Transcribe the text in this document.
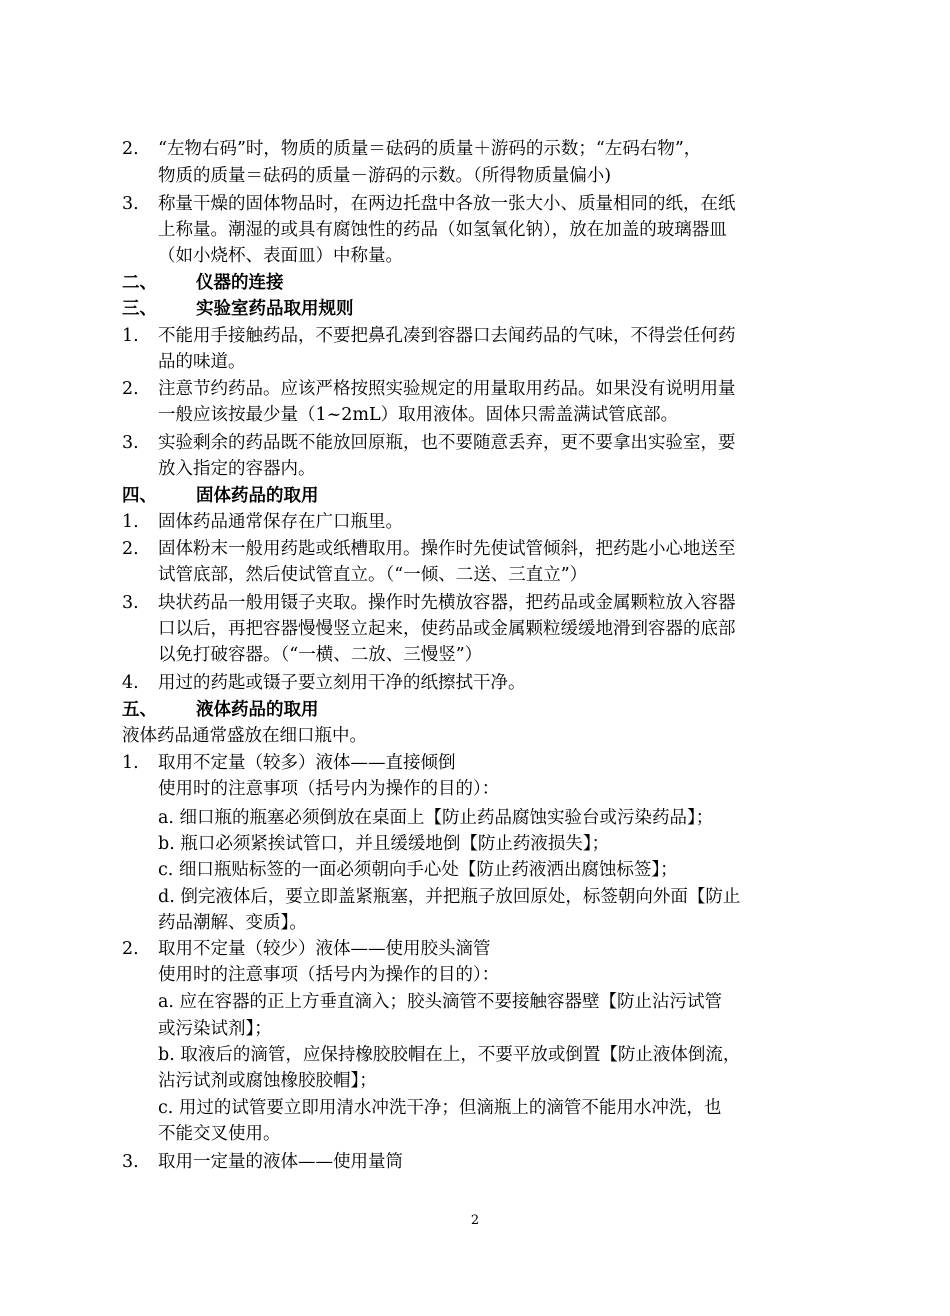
2.	“左物右码”时，物质的质量＝砝码的质量＋游码的示数；“左码右物”，
物质的质量＝砝码的质量－游码的示数。（所得物质量偏小)
3.	称量干燥的固体物品时，在两边托盘中各放一张大小、质量相同的纸，在纸
上称量。潮湿的或具有腐蚀性的药品（如氢氧化钠），放在加盖的玻璃器皿
（如小烧杯、表面皿）中称量。
二、 仪器的连接
三、 实验室药品取用规则
1.	不能用手接触药品，不要把鼻孔凑到容器口去闻药品的气味，不得尝任何药
品的味道。
2.	注意节约药品。应该严格按照实验规定的用量取用药品。如果没有说明用量
一般应该按最少量（1~2mL）取用液体。固体只需盖满试管底部。
3.	实验剩余的药品既不能放回原瓶，也不要随意丢弃，更不要拿出实验室，要
放入指定的容器内。
四、 固体药品的取用
1.	固体药品通常保存在广口瓶里。
2.	固体粉末一般用药匙或纸槽取用。操作时先使试管倾斜，把药匙小心地送至
试管底部，然后使试管直立。（“一倾、二送、三直立”）
3.	块状药品一般用镊子夹取。操作时先横放容器，把药品或金属颗粒放入容器
口以后，再把容器慢慢竖立起来，使药品或金属颗粒缓缓地滑到容器的底部
以免打破容器。（“一横、二放、三慢竖”）
4.	用过的药匙或镊子要立刻用干净的纸擦拭干净。
五、 液体药品的取用
液体药品通常盛放在细口瓶中。
1.	取用不定量（较多）液体——直接倾倒
使用时的注意事项（括号内为操作的目的）：
a. 细口瓶的瓶塞必须倒放在桌面上【防止药品腐蚀实验台或污染药品】；
b. 瓶口必须紧挨试管口，并且缓缓地倒【防止药液损失】；
c. 细口瓶贴标签的一面必须朝向手心处【防止药液洒出腐蚀标签】；
d. 倒完液体后，要立即盖紧瓶塞，并把瓶子放回原处，标签朝向外面【防止
药品潮解、变质】。
2.	取用不定量（较少）液体——使用胶头滴管
使用时的注意事项（括号内为操作的目的）：
a. 应在容器的正上方垂直滴入；胶头滴管不要接触容器壁【防止沾污试管
或污染试剂】；
b. 取液后的滴管，应保持橡胶胶帽在上，不要平放或倒置【防止液体倒流，
沾污试剂或腐蚀橡胶胶帽】；
c. 用过的试管要立即用清水冲洗干净；但滴瓶上的滴管不能用水冲洗，也
不能交叉使用。
3.	取用一定量的液体——使用量筒
2
